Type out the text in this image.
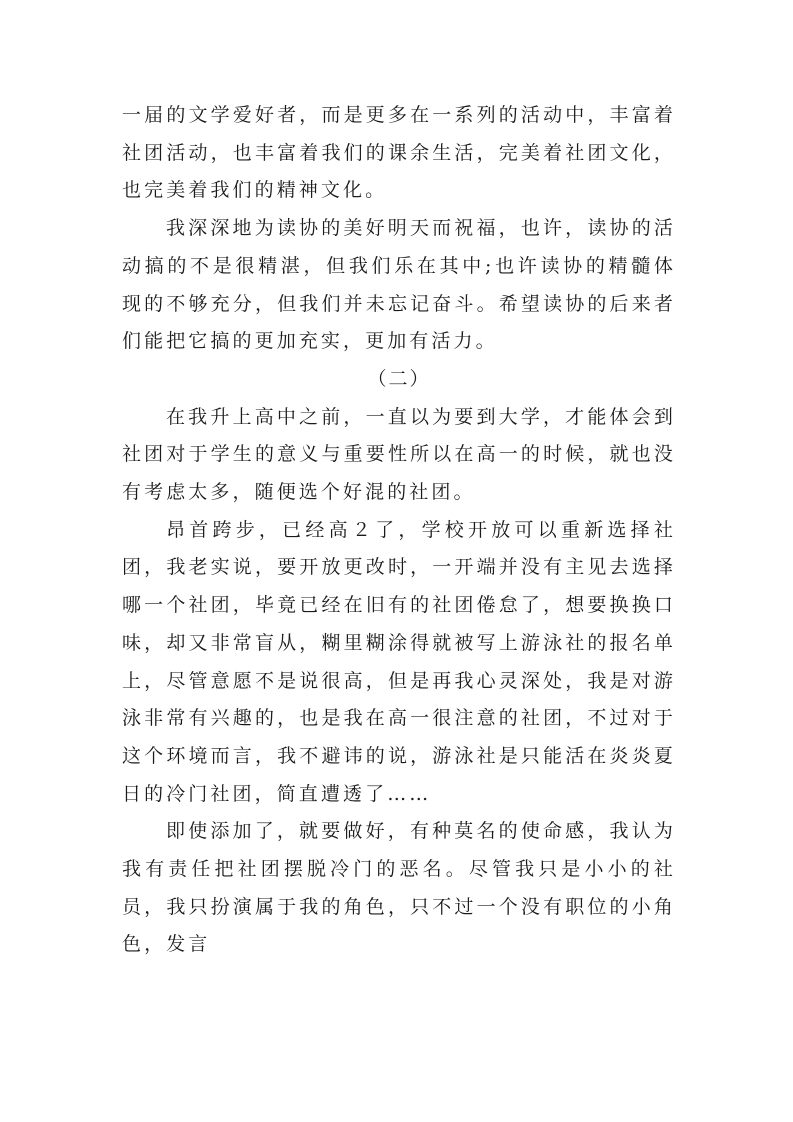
一届的文学爱好者，而是更多在一系列的活动中，丰富着社团活动，也丰富着我们的课余生活，完美着社团文化，也完美着我们的精神文化。

我深深地为读协的美好明天而祝福，也许，读协的活动搞的不是很精湛，但我们乐在其中;也许读协的精髓体现的不够充分，但我们并未忘记奋斗。希望读协的后来者们能把它搞的更加充实，更加有活力。

（二）

在我升上高中之前，一直以为要到大学，才能体会到社团对于学生的意义与重要性所以在高一的时候，就也没有考虑太多，随便选个好混的社团。

昂首跨步，已经高２了，学校开放可以重新选择社团，我老实说，要开放更改时，一开端并没有主见去选择哪一个社团，毕竟已经在旧有的社团倦怠了，想要换换口味，却又非常盲从，糊里糊涂得就被写上游泳社的报名单上，尽管意愿不是说很高，但是再我心灵深处，我是对游泳非常有兴趣的，也是我在高一很注意的社团，不过对于这个环境而言，我不避讳的说，游泳社是只能活在炎炎夏日的冷门社团，简直遭透了……

即使添加了，就要做好，有种莫名的使命感，我认为我有责任把社团摆脱冷门的恶名。尽管我只是小小的社员，我只扮演属于我的角色，只不过一个没有职位的小角色，发言
